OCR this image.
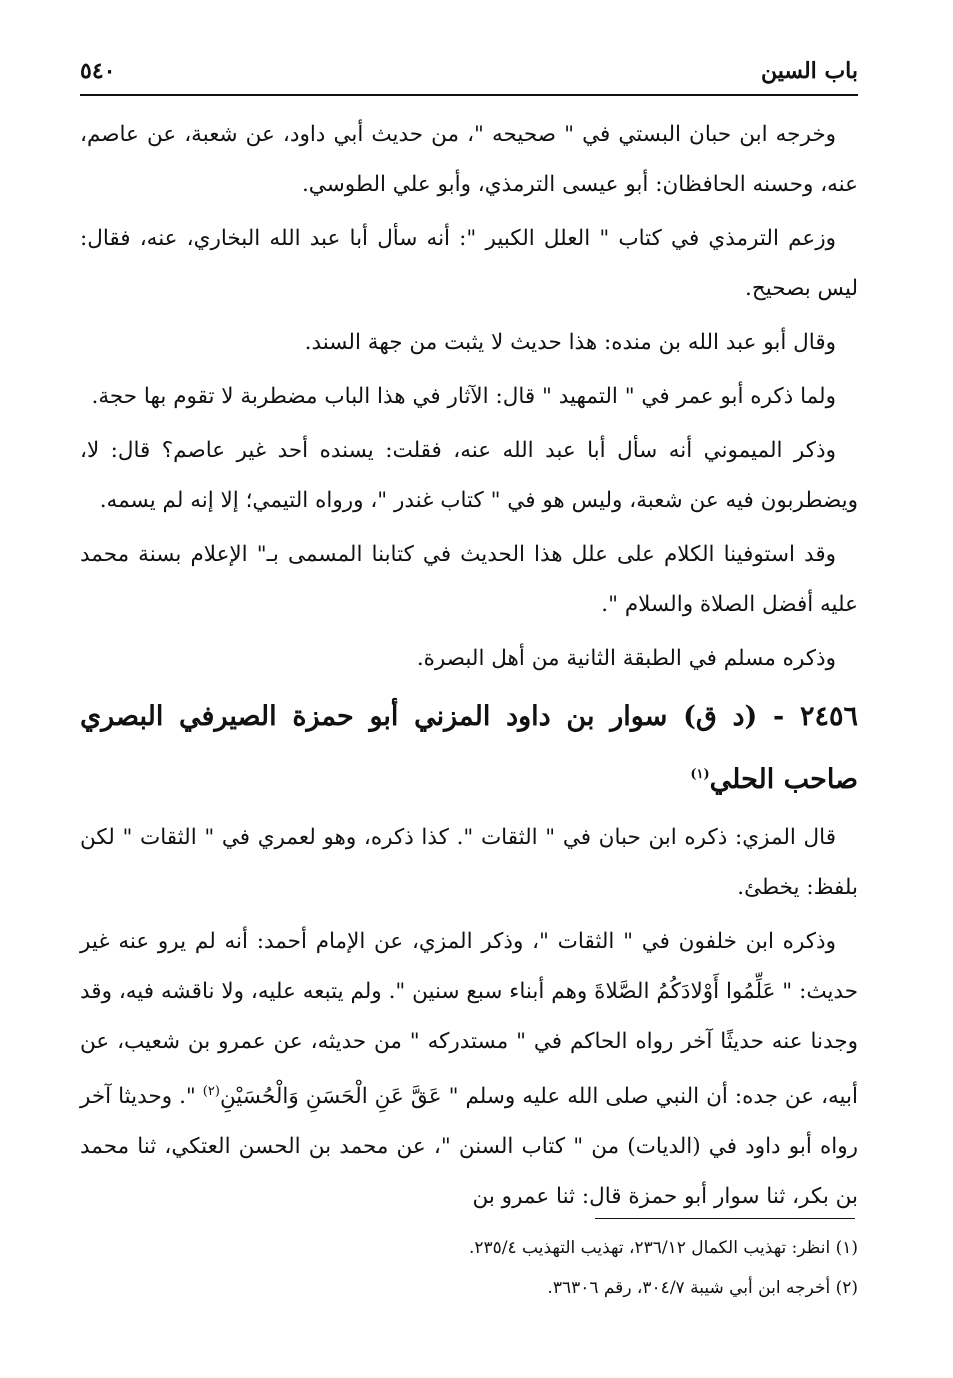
باب السين
٥٤٠

وخرجه ابن حبان البستي في " صحيحه "، من حديث أبي داود، عن شعبة، عن عاصم، عنه، وحسنه الحافظان: أبو عيسى الترمذي، وأبو علي الطوسي.

وزعم الترمذي في كتاب " العلل الكبير ": أنه سأل أبا عبد الله البخاري، عنه، فقال: ليس بصحيح.

وقال أبو عبد الله بن منده: هذا حديث لا يثبت من جهة السند.

ولما ذكره أبو عمر في " التمهيد " قال: الآثار في هذا الباب مضطربة لا تقوم بها حجة.

وذكر الميموني أنه سأل أبا عبد الله عنه، فقلت: يسنده أحد غير عاصم؟ قال: لا، ويضطربون فيه عن شعبة، وليس هو في " كتاب غندر "، ورواه التيمي؛ إلا إنه لم يسمه.

وقد استوفينا الكلام على علل هذا الحديث في كتابنا المسمى بـ" الإعلام بسنة محمد عليه أفضل الصلاة والسلام ".

وذكره مسلم في الطبقة الثانية من أهل البصرة.

٢٤٥٦ - (د ق) سوار بن داود المزني أبو حمزة الصيرفي البصري صاحب الحلي$^{(١)}$

قال المزي: ذكره ابن حبان في " الثقات ". كذا ذكره، وهو لعمري في " الثقات " لكن بلفظ: يخطئ.

وذكره ابن خلفون في " الثقات "، وذكر المزي، عن الإمام أحمد: أنه لم يرو عنه غير حديث: " عَلِّمُوا أَوْلادَكُمُ الصَّلاةَ وهم أبناء سبع سنين ". ولم يتبعه عليه، ولا ناقشه فيه، وقد وجدنا عنه حديثًا آخر رواه الحاكم في " مستدركه " من حديثه، عن عمرو بن شعيب، عن أبيه، عن جده: أن النبي صلى الله عليه وسلم " عَقَّ عَنِ الْحَسَنِ وَالْحُسَيْنِ$^{(٢)}$ ". وحديثا آخر رواه أبو داود في (الديات) من " كتاب السنن "، عن محمد بن الحسن العتكي، ثنا محمد بن بكر، ثنا سوار أبو حمزة قال: ثنا عمرو بن

(١) انظر: تهذيب الكمال ٢٣٦/١٢، تهذيب التهذيب ٢٣٥/٤.
(٢) أخرجه ابن أبي شيبة ٣٠٤/٧، رقم ٣٦٣٠٦.
